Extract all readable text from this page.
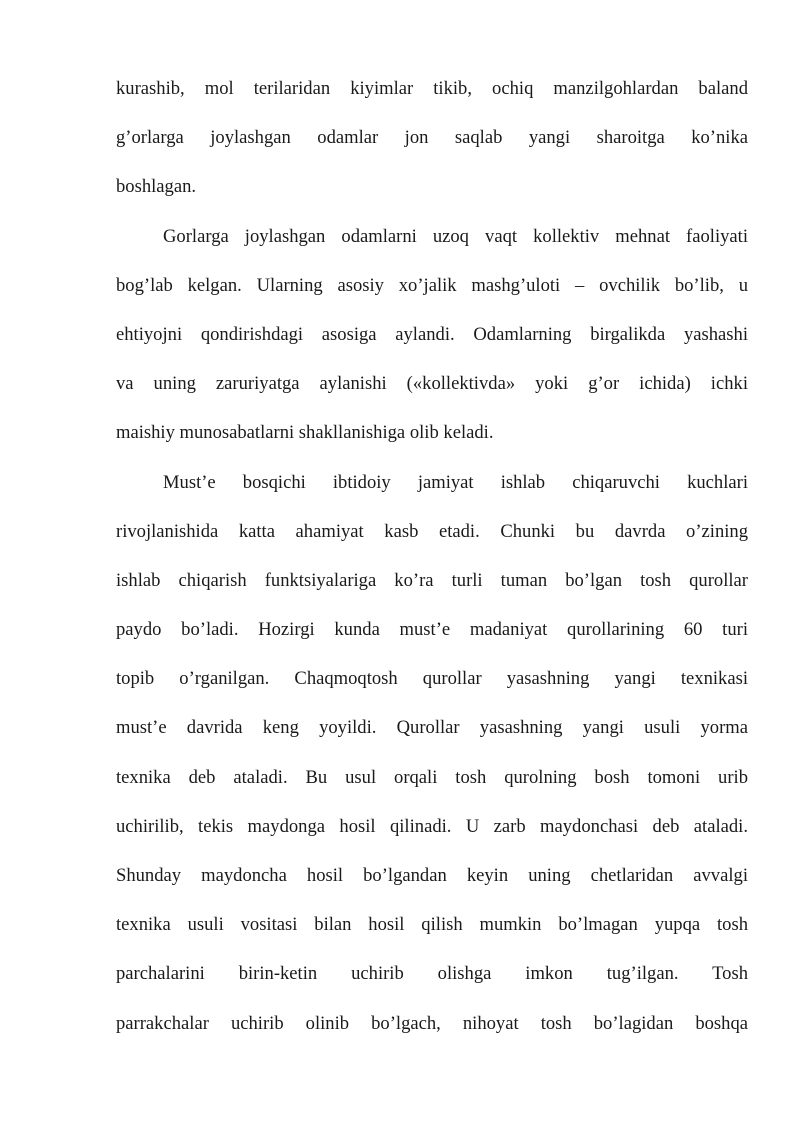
kurashib, mol terilaridan kiyimlar tikib, ochiq manzilgohlardan baland
g’orlarga joylashgan odamlar jon saqlab yangi sharoitga ko’nika
boshlagan.
Gorlarga joylashgan odamlarni uzoq vaqt kollektiv mehnat faoliyati
bog’lab kelgan. Ularning asosiy xo’jalik mashg’uloti – ovchilik bo’lib, u
ehtiyojni qondirishdagi asosiga aylandi. Odamlarning birgalikda yashashi
va uning zaruriyatga aylanishi («kollektivda» yoki g’or ichida) ichki
maishiy munosabatlarni shakllanishiga olib keladi.
Must’e bosqichi ibtidoiy jamiyat ishlab chiqaruvchi kuchlari
rivojlanishida katta ahamiyat kasb etadi. Chunki bu davrda o’zining
ishlab chiqarish funktsiyalariga ko’ra turli tuman bo’lgan tosh qurollar
paydo bo’ladi. Hozirgi kunda must’e madaniyat qurollarining 60 turi
topib o’rganilgan. Chaqmoqtosh qurollar yasashning yangi texnikasi
must’e davrida keng yoyildi. Qurollar yasashning yangi usuli yorma
texnika deb ataladi. Bu usul orqali tosh qurolning bosh tomoni urib
uchirilib, tekis maydonga hosil qilinadi. U zarb maydonchasi deb ataladi.
Shunday maydoncha hosil bo’lgandan keyin uning chetlaridan avvalgi
texnika usuli vositasi bilan hosil qilish mumkin bo’lmagan yupqa tosh
parchalarini birin-ketin uchirib olishga imkon tug’ilgan. Tosh
parrakchalar uchirib olinib bo’lgach, nihoyat tosh bo’lagidan boshqa
